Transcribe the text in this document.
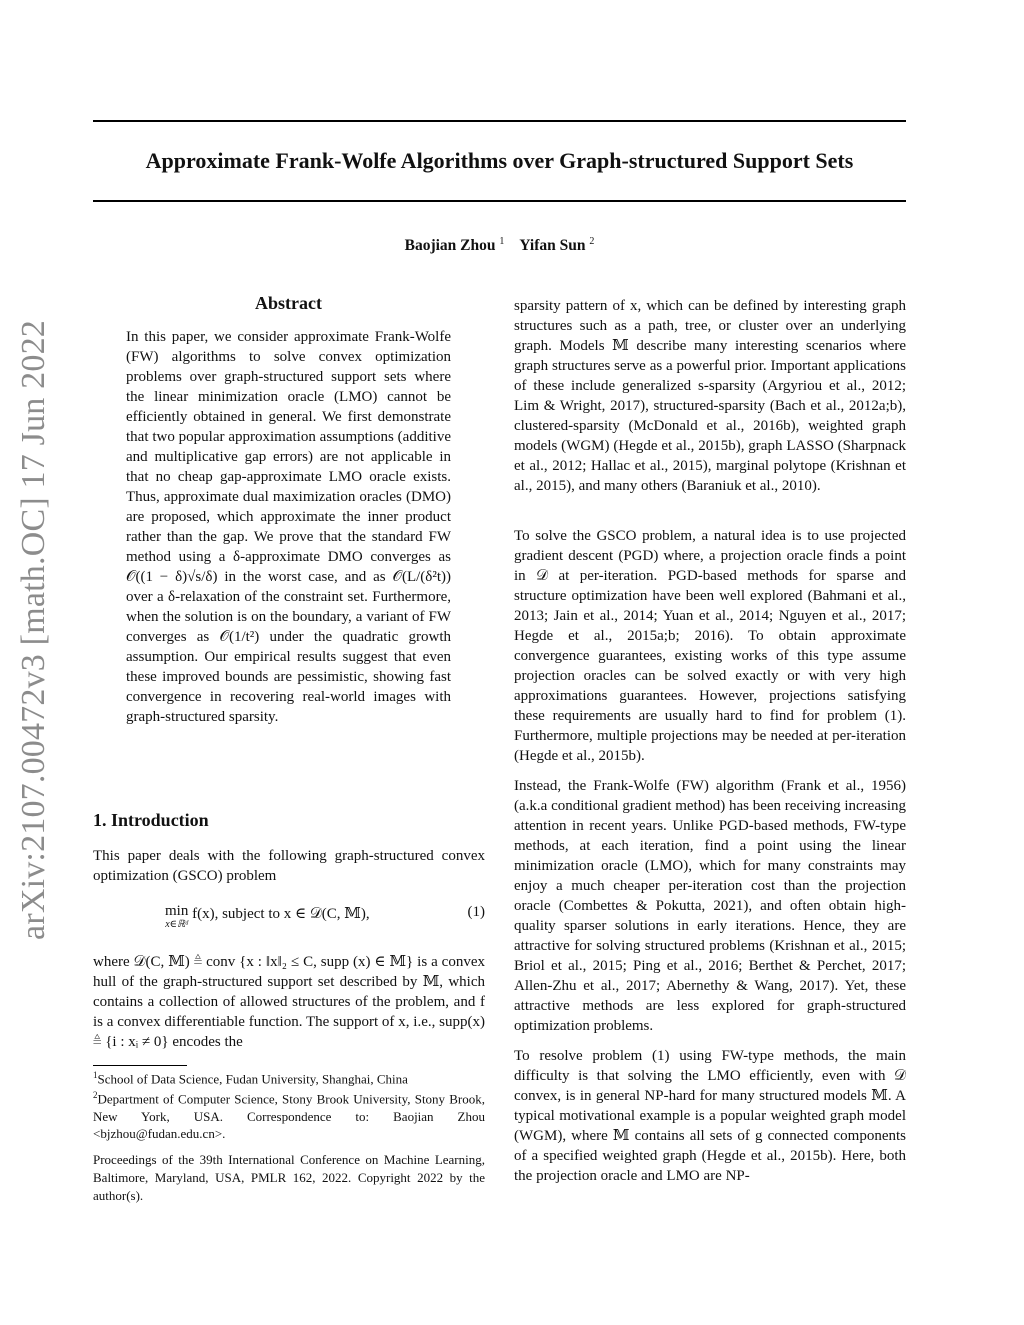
Approximate Frank-Wolfe Algorithms over Graph-structured Support Sets
Baojian Zhou $^1$ Yifan Sun $^2$
arXiv:2107.00472v3 [math.OC] 17 Jun 2022
Abstract

In this paper, we consider approximate Frank-Wolfe (FW) algorithms to solve convex optimization problems over graph-structured support sets where the linear minimization oracle (LMO) cannot be efficiently obtained in general. We first demonstrate that two popular approximation assumptions (additive and multiplicative gap errors) are not applicable in that no cheap gap-approximate LMO oracle exists. Thus, approximate dual maximization oracles (DMO) are proposed, which approximate the inner product rather than the gap. We prove that the standard FW method using a δ-approximate DMO converges as 𝒪((1 − δ)√s/δ) in the worst case, and as 𝒪(L/(δ²t)) over a δ-relaxation of the constraint set. Furthermore, when the solution is on the boundary, a variant of FW converges as 𝒪(1/t²) under the quadratic growth assumption. Our empirical results suggest that even these improved bounds are pessimistic, showing fast convergence in recovering real-world images with graph-structured sparsity.

1. Introduction

This paper deals with the following graph-structured convex optimization (GSCO) problem

min
x∈ℝᵈ
f(x), subject to x ∈ 𝒟(C, 𝕄),	(1)

where 𝒟(C, 𝕄) ≜ conv {x : ‖x‖₂ ≤ C, supp (x) ∈ 𝕄} is a convex hull of the graph-structured support set described by 𝕄, which contains a collection of allowed structures of the problem, and f is a convex differentiable function. The support of x, i.e., supp(x) ≜ {i : xᵢ ≠ 0} encodes the

$^1$School of Data Science, Fudan University, Shanghai, China
$^2$Department of Computer Science, Stony Brook University, Stony Brook, New York, USA. Correspondence to: Baojian Zhou <bjzhou@fudan.edu.cn>.

Proceedings of the 39th International Conference on Machine Learning, Baltimore, Maryland, USA, PMLR 162, 2022. Copyright 2022 by the author(s).

sparsity pattern of x, which can be defined by interesting graph structures such as a path, tree, or cluster over an underlying graph. Models 𝕄 describe many interesting scenarios where graph structures serve as a powerful prior. Important applications of these include generalized s-sparsity (Argyriou et al., 2012; Lim & Wright, 2017), structured-sparsity (Bach et al., 2012a;b), clustered-sparsity (McDonald et al., 2016b), weighted graph models (WGM) (Hegde et al., 2015b), graph LASSO (Sharpnack et al., 2012; Hallac et al., 2015), marginal polytope (Krishnan et al., 2015), and many others (Baraniuk et al., 2010).

To solve the GSCO problem, a natural idea is to use projected gradient descent (PGD) where, a projection oracle finds a point in 𝒟 at per-iteration. PGD-based methods for sparse and structure optimization have been well explored (Bahmani et al., 2013; Jain et al., 2014; Yuan et al., 2014; Nguyen et al., 2017; Hegde et al., 2015a;b; 2016). To obtain approximate convergence guarantees, existing works of this type assume projection oracles can be solved exactly or with very high approximations guarantees. However, projections satisfying these requirements are usually hard to find for problem (1). Furthermore, multiple projections may be needed at per-iteration (Hegde et al., 2015b).

Instead, the Frank-Wolfe (FW) algorithm (Frank et al., 1956) (a.k.a conditional gradient method) has been receiving increasing attention in recent years. Unlike PGD-based methods, FW-type methods, at each iteration, find a point using the linear minimization oracle (LMO), which for many constraints may enjoy a much cheaper per-iteration cost than the projection oracle (Combettes & Pokutta, 2021), and often obtain high-quality sparser solutions in early iterations. Hence, they are attractive for solving structured problems (Krishnan et al., 2015; Briol et al., 2015; Ping et al., 2016; Berthet & Perchet, 2017; Allen-Zhu et al., 2017; Abernethy & Wang, 2017). Yet, these attractive methods are less explored for graph-structured optimization problems.

To resolve problem (1) using FW-type methods, the main difficulty is that solving the LMO efficiently, even with 𝒟 convex, is in general NP-hard for many structured models 𝕄. A typical motivational example is a popular weighted graph model (WGM), where 𝕄 contains all sets of g connected components of a specified weighted graph (Hegde et al., 2015b). Here, both the projection oracle and LMO are NP-
